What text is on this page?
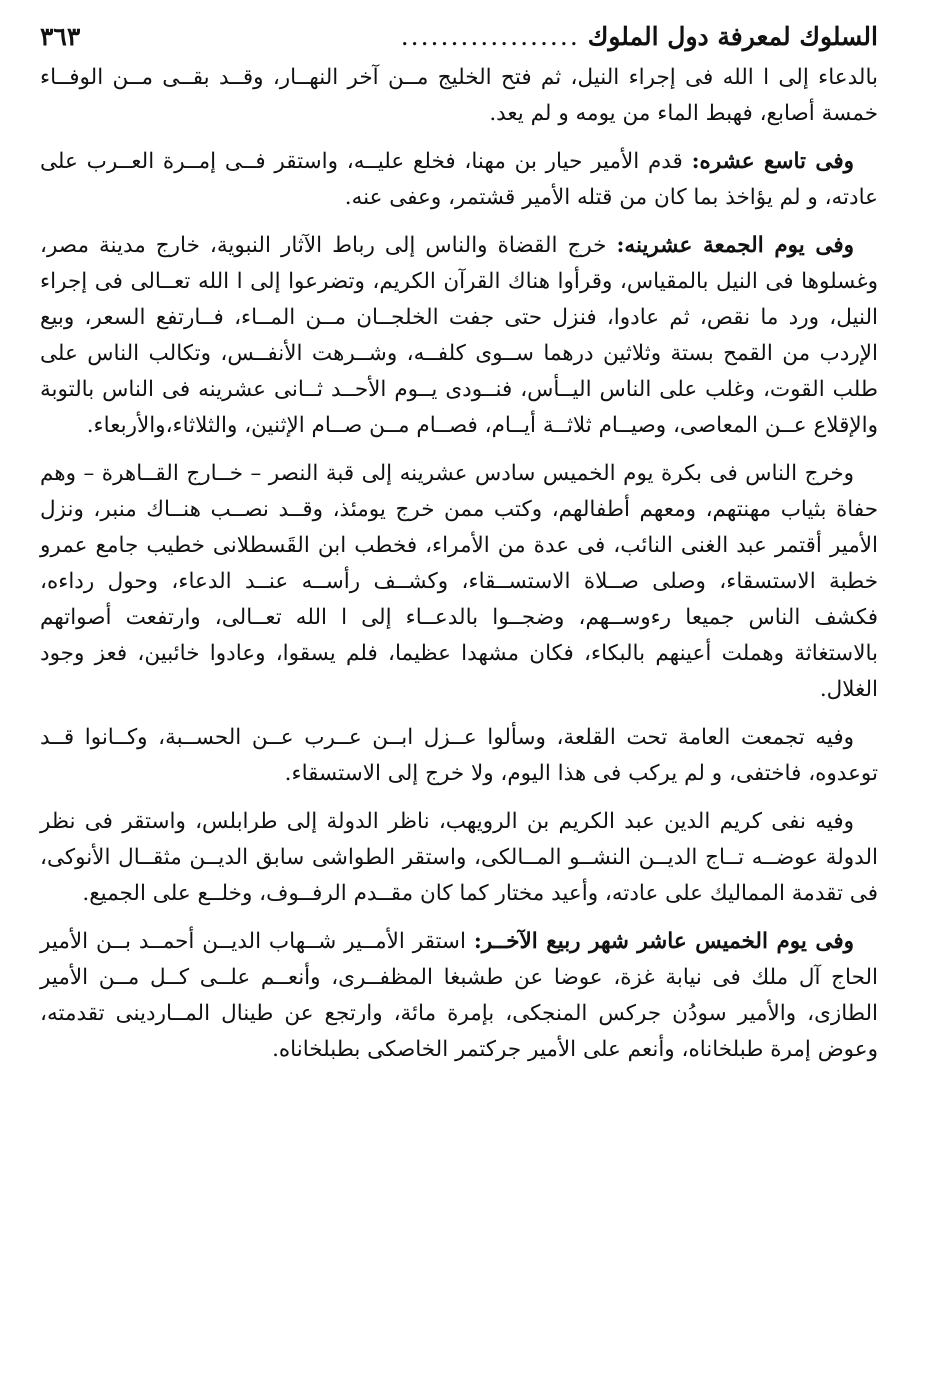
السلوك لمعرفة دول الملوك
..................
٣٦٣

بالدعاء إلى ا الله فى إجراء النيل، ثم فتح الخليج مــن آخر النهــار، وقــد بقــى مــن الوفــاء خمسة أصابع، فهبط الماء من يومه و لم يعد.

وفى تاسع عشره: قدم الأمير حيار بن مهنا، فخلع عليــه، واستقر فــى إمــرة العــرب على عادته، و لم يؤاخذ بما كان من قتله الأمير قشتمر، وعفى عنه.

وفى يوم الجمعة عشرينه: خرج القضاة والناس إلى رباط الآثار النبوية، خارج مدينة مصر، وغسلوها فى النيل بالمقياس، وقرأوا هناك القرآن الكريم، وتضرعوا إلى ا الله تعــالى فى إجراء النيل، ورد ما نقص، ثم عادوا، فنزل حتى جفت الخلجــان مــن المــاء، فــارتفع السعر، وبيع الإردب من القمح بستة وثلاثين درهما ســوى كلفــه، وشــرهت الأنفــس، وتكالب الناس على طلب القوت، وغلب على الناس اليــأس، فنــودى يــوم الأحــد ثــانى عشرينه فى الناس بالتوبة والإقلاع عــن المعاصى، وصيــام ثلاثــة أيــام، فصــام مــن صــام الإثنين، والثلاثاء،والأربعاء.

وخرج الناس فى بكرة يوم الخميس سادس عشرينه إلى قبة النصر – خــارج القــاهرة – وهم حفاة بثياب مهنتهم، ومعهم أطفالهم، وكتب ممن خرج يومئذ، وقــد نصــب هنــاك منبر، ونزل الأمير أقتمر عبد الغنى النائب، فى عدة من الأمراء، فخطب ابن القَسطلانى خطيب جامع عمرو خطبة الاستسقاء، وصلى صــلاة الاستســقاء، وكشــف رأســه عنــد الدعاء، وحول رداءه، فكشف الناس جميعا رءوســهم، وضجــوا بالدعــاء إلى ا الله تعــالى، وارتفعت أصواتهم بالاستغاثة وهملت أعينهم بالبكاء، فكان مشهدا عظيما، فلم يسقوا، وعادوا خائبين، فعز وجود الغلال.

وفيه تجمعت العامة تحت القلعة، وسألوا عــزل ابــن عــرب عــن الحســبة، وكــانوا قــد توعدوه، فاختفى، و لم يركب فى هذا اليوم، ولا خرج إلى الاستسقاء.

وفيه نفى كريم الدين عبد الكريم بن الرويهب، ناظر الدولة إلى طرابلس، واستقر فى نظر الدولة عوضــه تــاج الديــن النشــو المــالكى، واستقر الطواشى سابق الديــن مثقــال الأنوكى، فى تقدمة المماليك على عادته، وأعيد مختار كما كان مقــدم الرفــوف، وخلــع على الجميع.

وفى يوم الخميس عاشر شهر ربيع الآخــر: استقر الأمــير شــهاب الديــن أحمــد بــن الأمير الحاج آل ملك فى نيابة غزة، عوضا عن طشبغا المظفــرى، وأنعــم علــى كــل مــن الأمير الطازى، والأمير سودُن جركس المنجكى، بإمرة مائة، وارتجع عن طينال المــاردينى تقدمته، وعوض إمرة طبلخاناه، وأنعم على الأمير جركتمر الخاصكى بطبلخاناه.
